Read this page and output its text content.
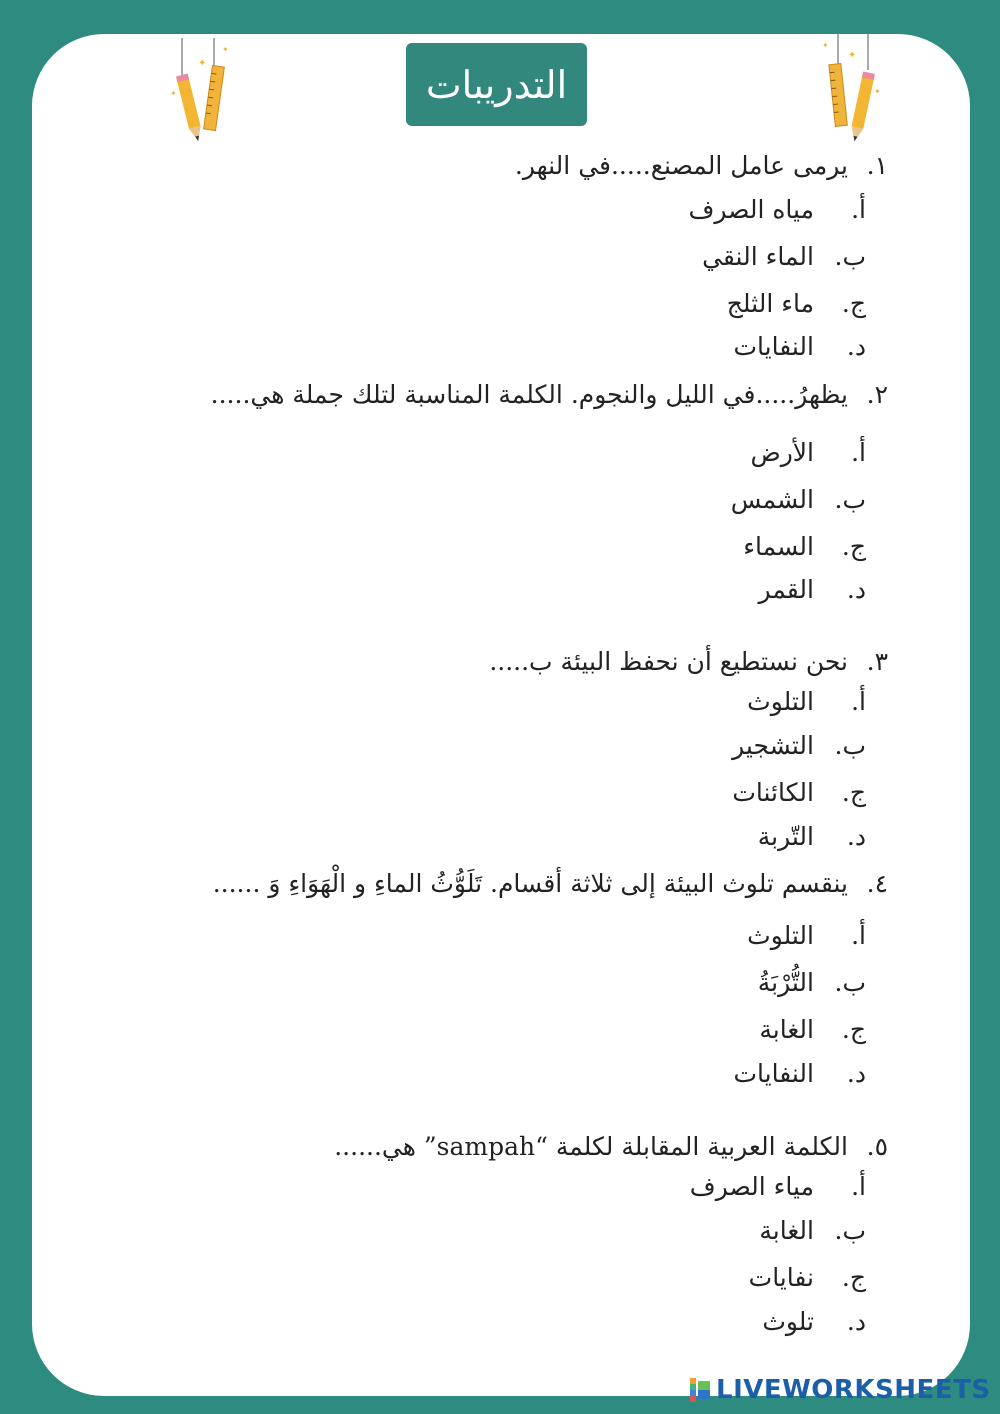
✦
✦
✦
✦
✦
✦
التدريبات
١.
يرمى عامل المصنع.....في النهر.
أ.
مياه الصرف
ب.
الماء النقي
ج.
ماء الثلج
د.
النفايات
٢.
يظهرُ.....في الليل والنجوم. الكلمة المناسبة لتلك جملة هي.....
أ.
الأرض
ب.
الشمس
ج.
السماء
د.
القمر
٣.
نحن نستطيع أن نحفظ البيئة ب.....
أ.
التلوث
ب.
التشجير
ج.
الكائنات
د.
التّربة
٤.
ينقسم تلوث البيئة إلى ثلاثة أقسام. تَلَوُّثُ الماءِ و الْهَوَاءِ وَ ......
أ.
التلوث
ب.
التُّرْبَةُ
ج.
الغابة
د.
النفايات
٥.
الكلمة العربية المقابلة لكلمة “sampah” هي......
أ.
مياء الصرف
ب.
الغابة
ج.
نفايات
د.
تلوث
LIVEWORKSHEETS
